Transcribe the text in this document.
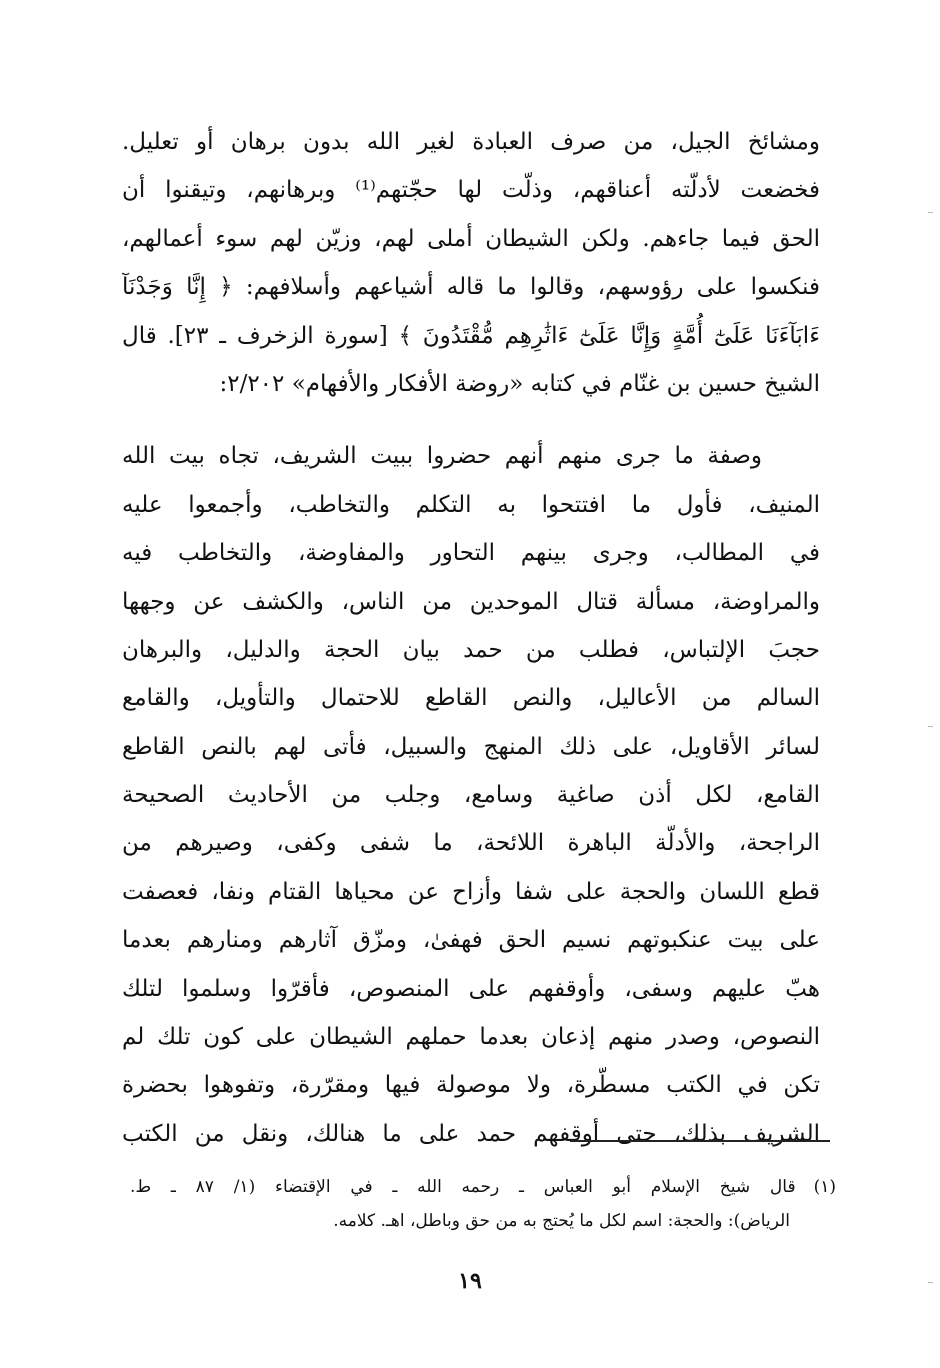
ومشائخ الجيل، من صرف العبادة لغير الله بدون برهان أو تعليل.
فخضعت لأدلّته أعناقهم، وذلّت لها حجّتهم⁽¹⁾ وبرهانهم، وتيقنوا أن
الحق فيما جاءهم. ولكن الشيطان أملى لهم، وزيّن لهم سوء أعمالهم،
فنكسوا على رؤوسهم، وقالوا ما قاله أشياعهم وأسلافهم: ﴿ إِنَّا وَجَدْنَآ
ءَابَآءَنَا عَلَىٰٓ أُمَّةٍ وَإِنَّا عَلَىٰٓ ءَاثَٰرِهِم مُّقْتَدُونَ ﴾ [سورة الزخرف ـ ٢٣]. قال
الشيخ حسين بن غنّام في كتابه «روضة الأفكار والأفهام» ٢/٢٠٢:

وصفة ما جرى منهم أنهم حضروا ببيت الشريف، تجاه بيت الله
المنيف، فأول ما افتتحوا به التكلم والتخاطب، وأجمعوا عليه
في المطالب، وجرى بينهم التحاور والمفاوضة، والتخاطب فيه
والمراوضة، مسألة قتال الموحدين من الناس، والكشف عن وجهها
حجبَ الإلتباس، فطلب من حمد بيان الحجة والدليل، والبرهان
السالم من الأعاليل، والنص القاطع للاحتمال والتأويل، والقامع
لسائر الأقاويل، على ذلك المنهج والسبيل، فأتى لهم بالنص القاطع
القامع، لكل أذن صاغية وسامع، وجلب من الأحاديث الصحيحة
الراجحة، والأدلّة الباهرة اللائحة، ما شفى وكفى، وصيرهم من
قطع اللسان والحجة على شفا وأزاح عن محياها القتام ونفا، فعصفت
على بيت عنكبوتهم نسيم الحق فهفىٰ، ومزّق آثارهم ومنارهم بعدما
هبّ عليهم وسفى، وأوقفهم على المنصوص، فأقرّوا وسلموا لتلك
النصوص، وصدر منهم إذعان بعدما حملهم الشيطان على كون تلك لم
تكن في الكتب مسطّرة، ولا موصولة فيها ومقرّرة، وتفوهوا بحضرة
الشريف بذلك، حتى أوقفهم حمد على ما هنالك، ونقل من الكتب

(١)قال شيخ الإسلام أبو العباس ـ رحمه الله ـ في الإقتضاء (١/ ٨٧ ـ ط.
الرياض): والحجة: اسم لكل ما يُحتج به من حق وباطل، اهـ. كلامه.
١٩
